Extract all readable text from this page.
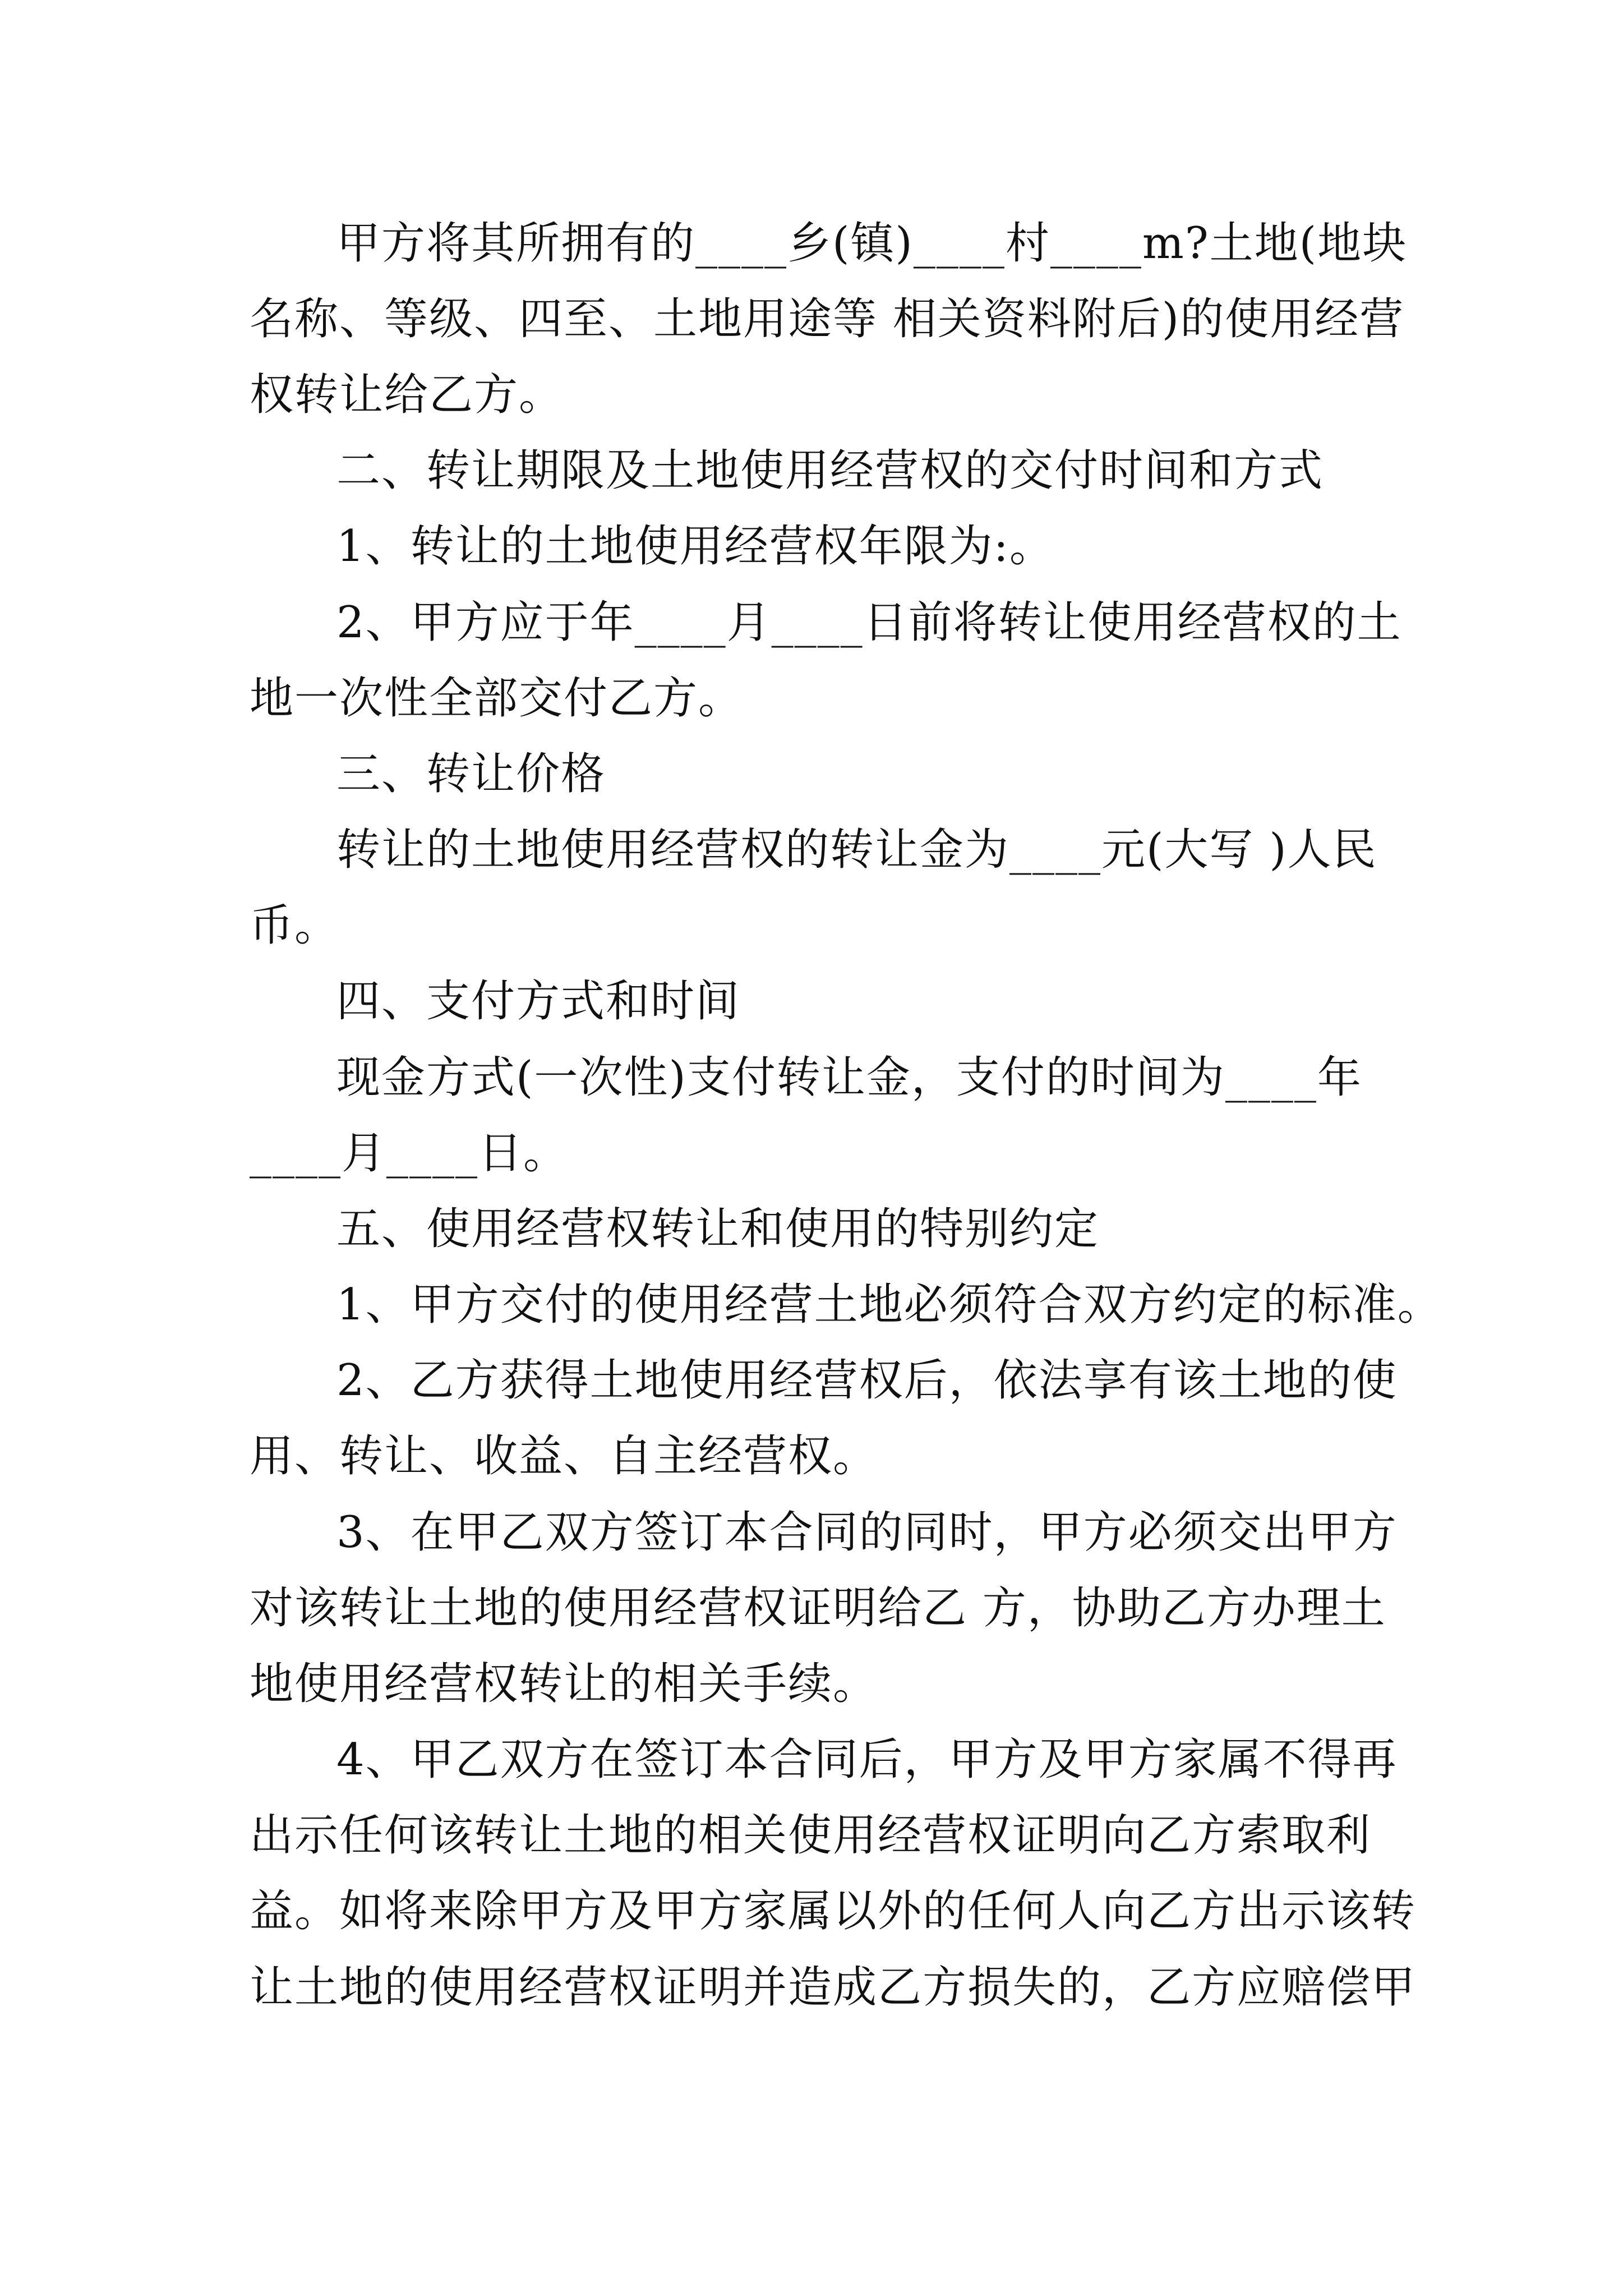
甲方将其所拥有的____乡(镇)____村____m?土地(地块
名称、等级、四至、土地用途等 相关资料附后)的使用经营
权转让给乙方。
二、转让期限及土地使用经营权的交付时间和方式
1、转让的土地使用经营权年限为:。
2、甲方应于年____月____日前将转让使用经营权的土
地一次性全部交付乙方。
三、转让价格
转让的土地使用经营权的转让金为____元(大写 )人民
币。
四、支付方式和时间
现金方式(一次性)支付转让金，支付的时间为____年
____月____日。
五、使用经营权转让和使用的特别约定
1、甲方交付的使用经营土地必须符合双方约定的标准。
2、乙方获得土地使用经营权后，依法享有该土地的使
用、转让、收益、自主经营权。
3、在甲乙双方签订本合同的同时，甲方必须交出甲方
对该转让土地的使用经营权证明给乙 方，协助乙方办理土
地使用经营权转让的相关手续。
4、甲乙双方在签订本合同后，甲方及甲方家属不得再
出示任何该转让土地的相关使用经营权证明向乙方索取利
益。如将来除甲方及甲方家属以外的任何人向乙方出示该转
让土地的使用经营权证明并造成乙方损失的，乙方应赔偿甲
